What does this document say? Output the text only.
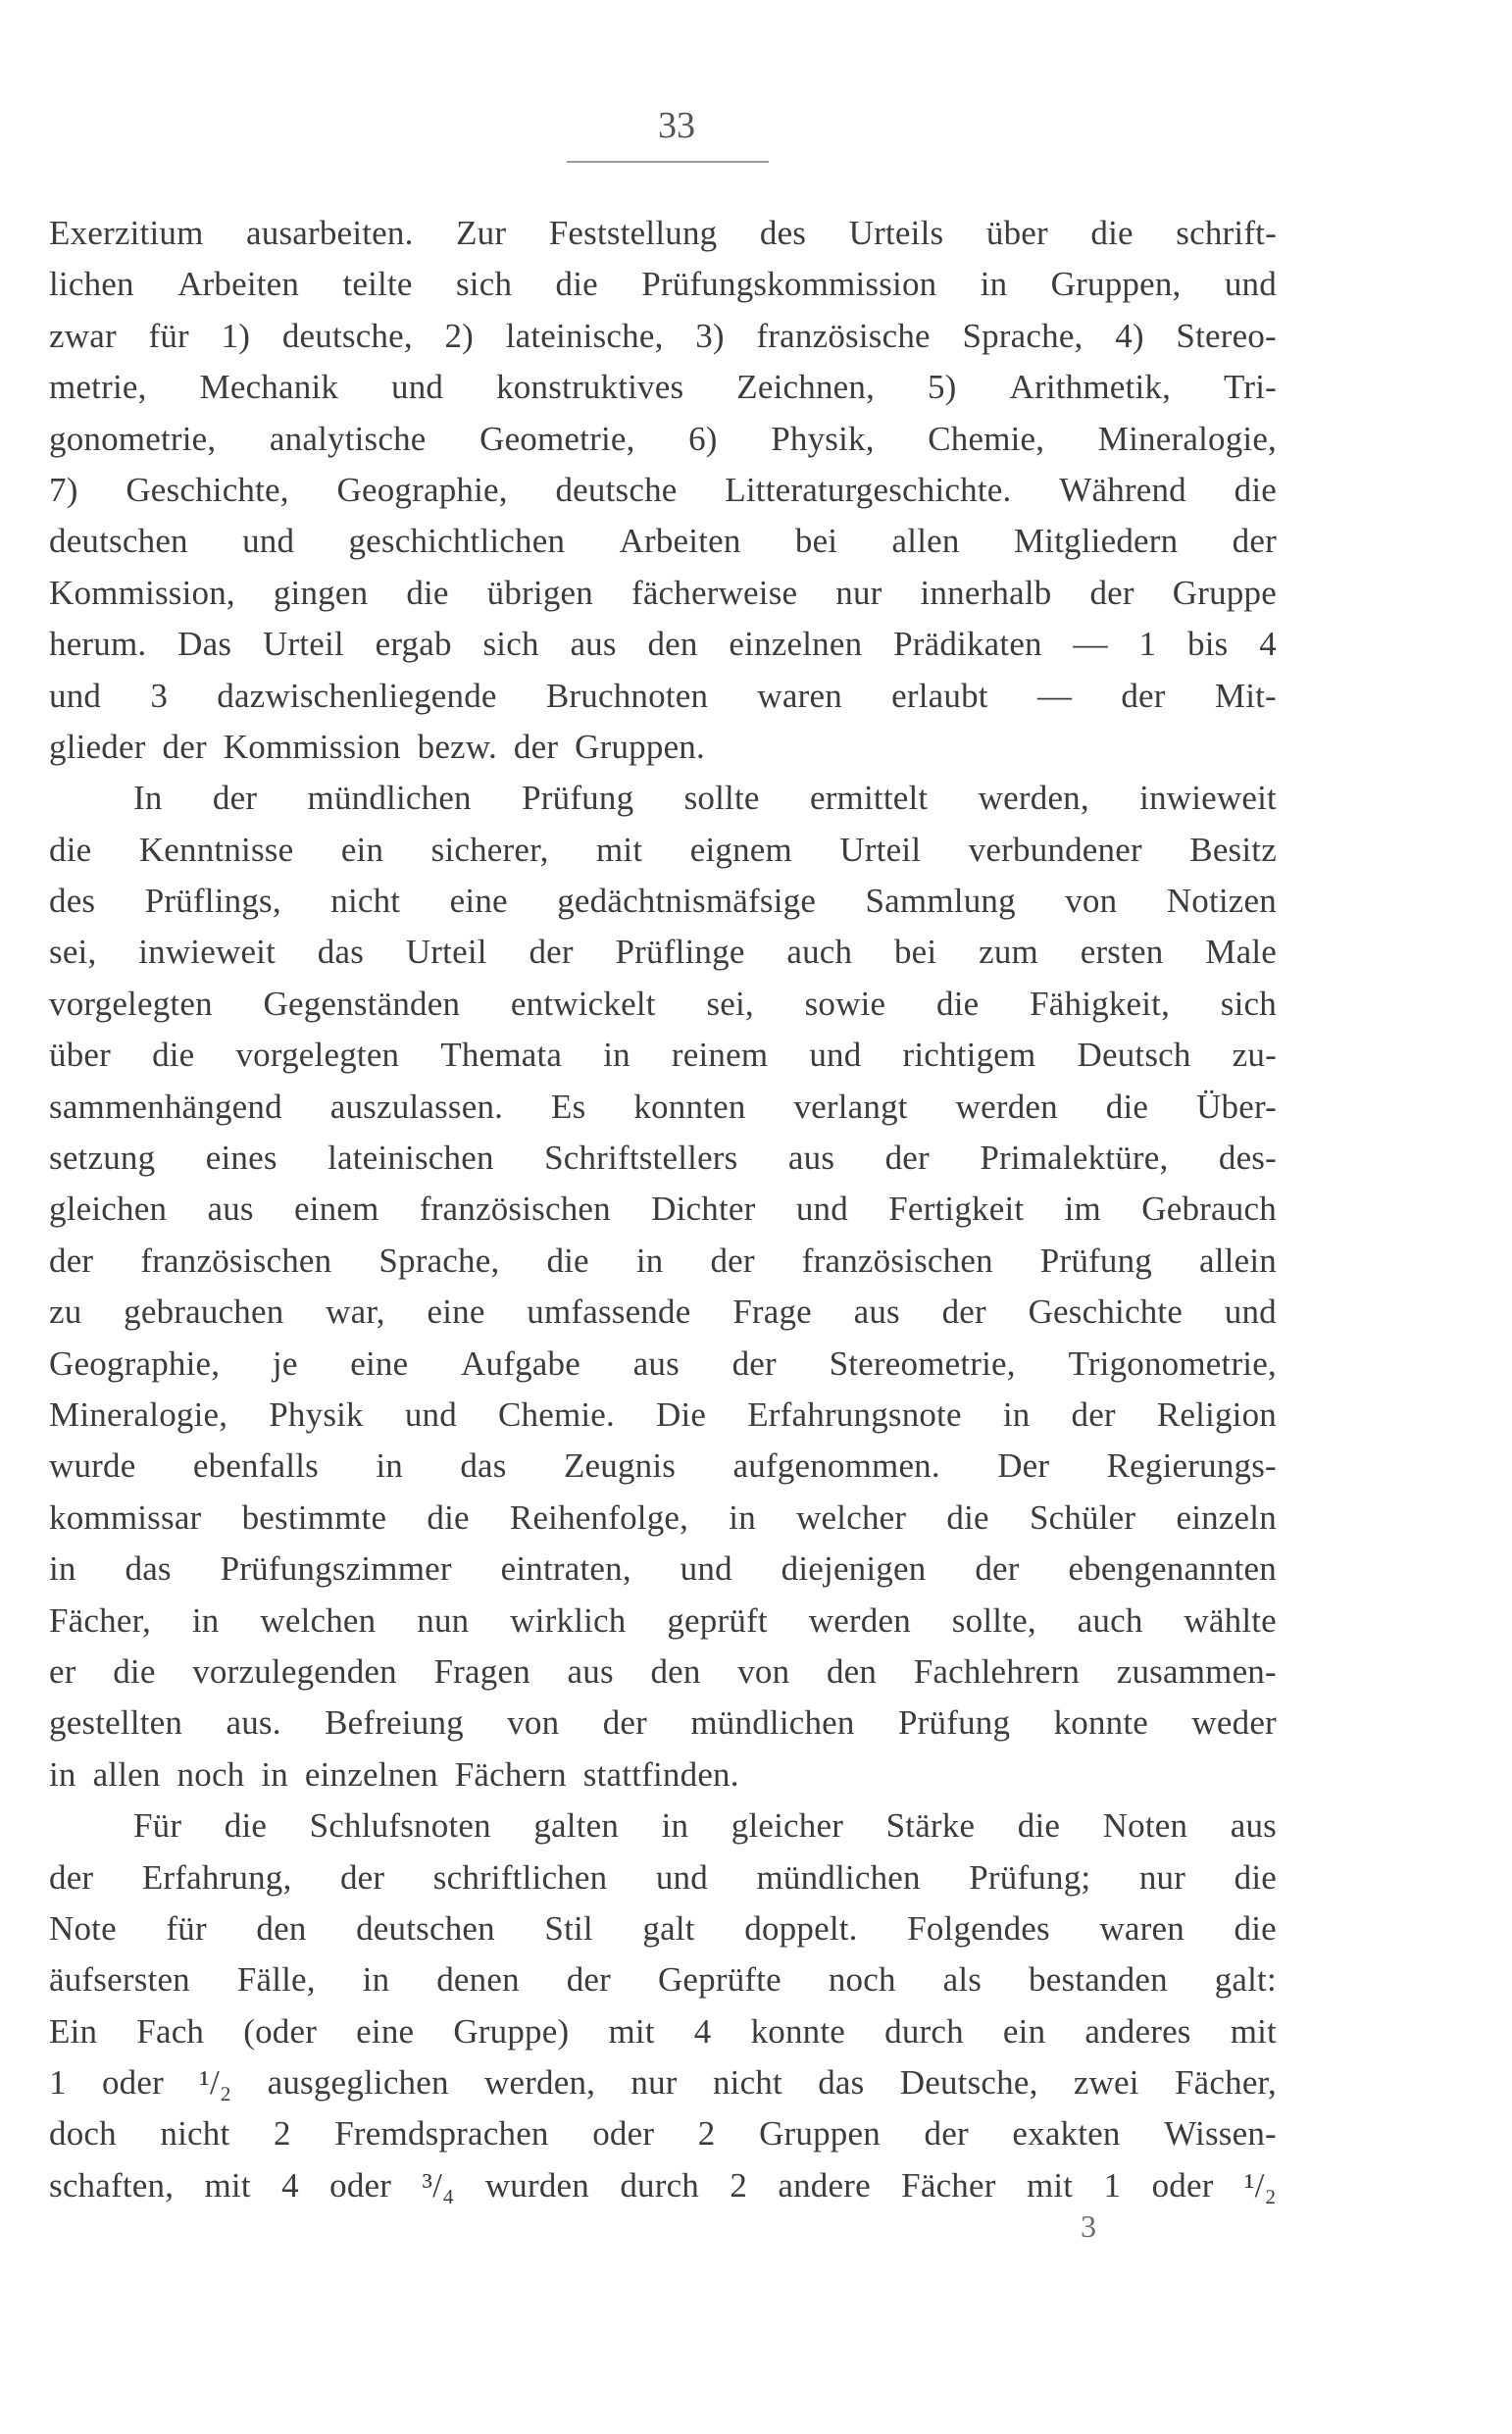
33
Exerzitium ausarbeiten. Zur Feststellung des Urteils über die schrift-
lichen Arbeiten teilte sich die Prüfungskommission in Gruppen, und
zwar für 1) deutsche, 2) lateinische, 3) französische Sprache, 4) Stereo-
metrie, Mechanik und konstruktives Zeichnen, 5) Arithmetik, Tri-
gonometrie, analytische Geometrie, 6) Physik, Chemie, Mineralogie,
7) Geschichte, Geographie, deutsche Litteraturgeschichte. Während die
deutschen und geschichtlichen Arbeiten bei allen Mitgliedern der
Kommission, gingen die übrigen fächerweise nur innerhalb der Gruppe
herum. Das Urteil ergab sich aus den einzelnen Prädikaten — 1 bis 4
und 3 dazwischenliegende Bruchnoten waren erlaubt — der Mit-
glieder der Kommission bezw. der Gruppen.
In der mündlichen Prüfung sollte ermittelt werden, inwieweit
die Kenntnisse ein sicherer, mit eignem Urteil verbundener Besitz
des Prüflings, nicht eine gedächtnismäfsige Sammlung von Notizen
sei, inwieweit das Urteil der Prüflinge auch bei zum ersten Male
vorgelegten Gegenständen entwickelt sei, sowie die Fähigkeit, sich
über die vorgelegten Themata in reinem und richtigem Deutsch zu-
sammenhängend auszulassen. Es konnten verlangt werden die Über-
setzung eines lateinischen Schriftstellers aus der Primalektüre, des-
gleichen aus einem französischen Dichter und Fertigkeit im Gebrauch
der französischen Sprache, die in der französischen Prüfung allein
zu gebrauchen war, eine umfassende Frage aus der Geschichte und
Geographie, je eine Aufgabe aus der Stereometrie, Trigonometrie,
Mineralogie, Physik und Chemie. Die Erfahrungsnote in der Religion
wurde ebenfalls in das Zeugnis aufgenommen. Der Regierungs-
kommissar bestimmte die Reihenfolge, in welcher die Schüler einzeln
in das Prüfungszimmer eintraten, und diejenigen der ebengenannten
Fächer, in welchen nun wirklich geprüft werden sollte, auch wählte
er die vorzulegenden Fragen aus den von den Fachlehrern zusammen-
gestellten aus. Befreiung von der mündlichen Prüfung konnte weder
in allen noch in einzelnen Fächern stattfinden.
Für die Schlufsnoten galten in gleicher Stärke die Noten aus
der Erfahrung, der schriftlichen und mündlichen Prüfung; nur die
Note für den deutschen Stil galt doppelt. Folgendes waren die
äufsersten Fälle, in denen der Geprüfte noch als bestanden galt:
Ein Fach (oder eine Gruppe) mit 4 konnte durch ein anderes mit
1 oder ¹/₂ ausgeglichen werden, nur nicht das Deutsche, zwei Fächer,
doch nicht 2 Fremdsprachen oder 2 Gruppen der exakten Wissen-
schaften, mit 4 oder ³/₄ wurden durch 2 andere Fächer mit 1 oder ¹/₂
3
